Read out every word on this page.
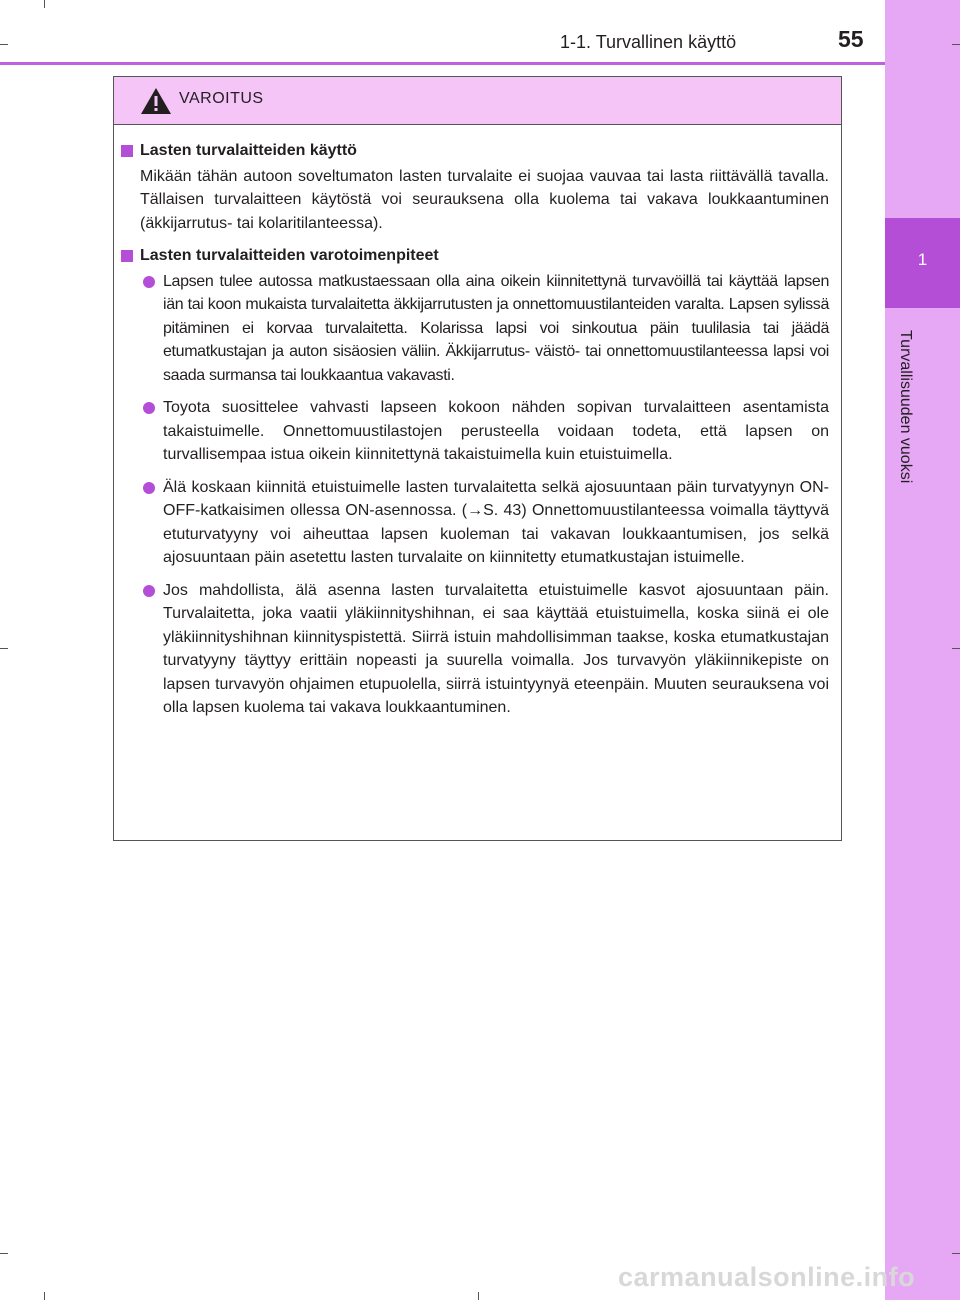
1
Turvallisuuden vuoksi
1-1. Turvallinen käyttö	55
VAROITUS
Lasten turvalaitteiden käyttö
Mikään tähän autoon soveltumaton lasten turvalaite ei suojaa vauvaa tai lasta riittävällä tavalla. Tällaisen turvalaitteen käytöstä voi seurauksena olla kuolema tai vakava loukkaantuminen (äkkijarrutus- tai kolaritilanteessa).
Lasten turvalaitteiden varotoimenpiteet
Lapsen tulee autossa matkustaessaan olla aina oikein kiinnitettynä turvavöillä tai käyttää lapsen iän tai koon mukaista turvalaitetta äkkijarrutusten ja onnettomuustilanteiden varalta. Lapsen sylissä pitäminen ei korvaa turvalaitetta. Kolarissa lapsi voi sinkoutua päin tuulilasia tai jäädä etumatkustajan ja auton sisäosien väliin. Äkkijarrutus- väistö- tai onnettomuustilanteessa lapsi voi saada surmansa tai loukkaantua vakavasti.
Toyota suosittelee vahvasti lapseen kokoon nähden sopivan turvalaitteen asentamista takaistuimelle. Onnettomuustilastojen perusteella voidaan todeta, että lapsen on turvallisempaa istua oikein kiinnitettynä takaistuimella kuin etuistuimella.
Älä koskaan kiinnitä etuistuimelle lasten turvalaitetta selkä ajosuuntaan päin turvatyynyn ON-OFF-katkaisimen ollessa ON-asennossa. (→S. 43) Onnettomuustilanteessa voimalla täyttyvä etuturvatyyny voi aiheuttaa lapsen kuoleman tai vakavan loukkaantumisen, jos selkä ajosuuntaan päin asetettu lasten turvalaite on kiinnitetty etumatkustajan istuimelle.
Jos mahdollista, älä asenna lasten turvalaitetta etuistuimelle kasvot ajosuuntaan päin. Turvalaitetta, joka vaatii yläkiinnityshihnan, ei saa käyttää etuistuimella, koska siinä ei ole yläkiinnityshihnan kiinnityspistettä. Siirrä istuin mahdollisimman taakse, koska etumatkustajan turvatyyny täyttyy erittäin nopeasti ja suurella voimalla. Jos turvavyön yläkiinnikepiste on lapsen turvavyön ohjaimen etupuolella, siirrä istuintyynyä eteenpäin. Muuten seurauksena voi olla lapsen kuolema tai vakava loukkaantuminen.
carmanualsonline.info
